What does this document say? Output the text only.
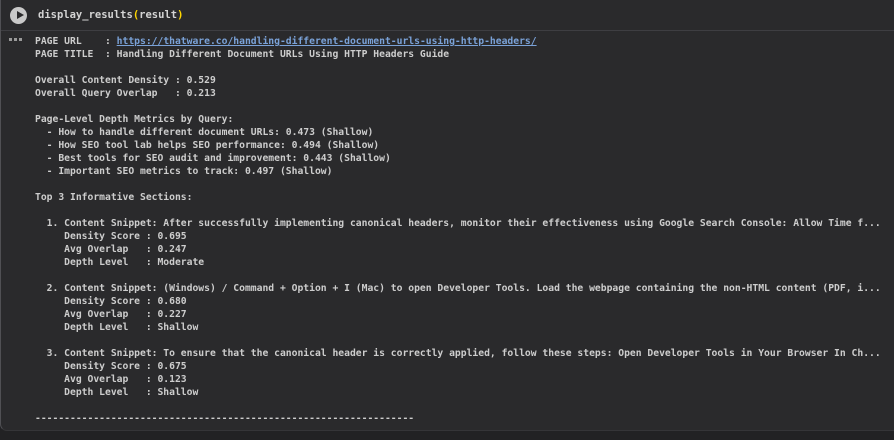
display_results(result)
PAGE URL    : https://thatware.co/handling-different-document-urls-using-http-headers/
PAGE TITLE  : Handling Different Document URLs Using HTTP Headers Guide
Overall Content Density : 0.529
Overall Query Overlap   : 0.213
Page-Level Depth Metrics by Query:
- How to handle different document URLs: 0.473 (Shallow)
- How SEO tool lab helps SEO performance: 0.494 (Shallow)
- Best tools for SEO audit and improvement: 0.443 (Shallow)
- Important SEO metrics to track: 0.497 (Shallow)
Top 3 Informative Sections:
1. Content Snippet: After successfully implementing canonical headers, monitor their effectiveness using Google Search Console: Allow Time f...
Density Score : 0.695
Avg Overlap   : 0.247
Depth Level   : Moderate
2. Content Snippet: (Windows) / Command + Option + I (Mac) to open Developer Tools. Load the webpage containing the non-HTML content (PDF, i...
Density Score : 0.680
Avg Overlap   : 0.227
Depth Level   : Shallow
3. Content Snippet: To ensure that the canonical header is correctly applied, follow these steps: Open Developer Tools in Your Browser In Ch...
Density Score : 0.675
Avg Overlap   : 0.123
Depth Level   : Shallow
-----------------------------------------------------------------
